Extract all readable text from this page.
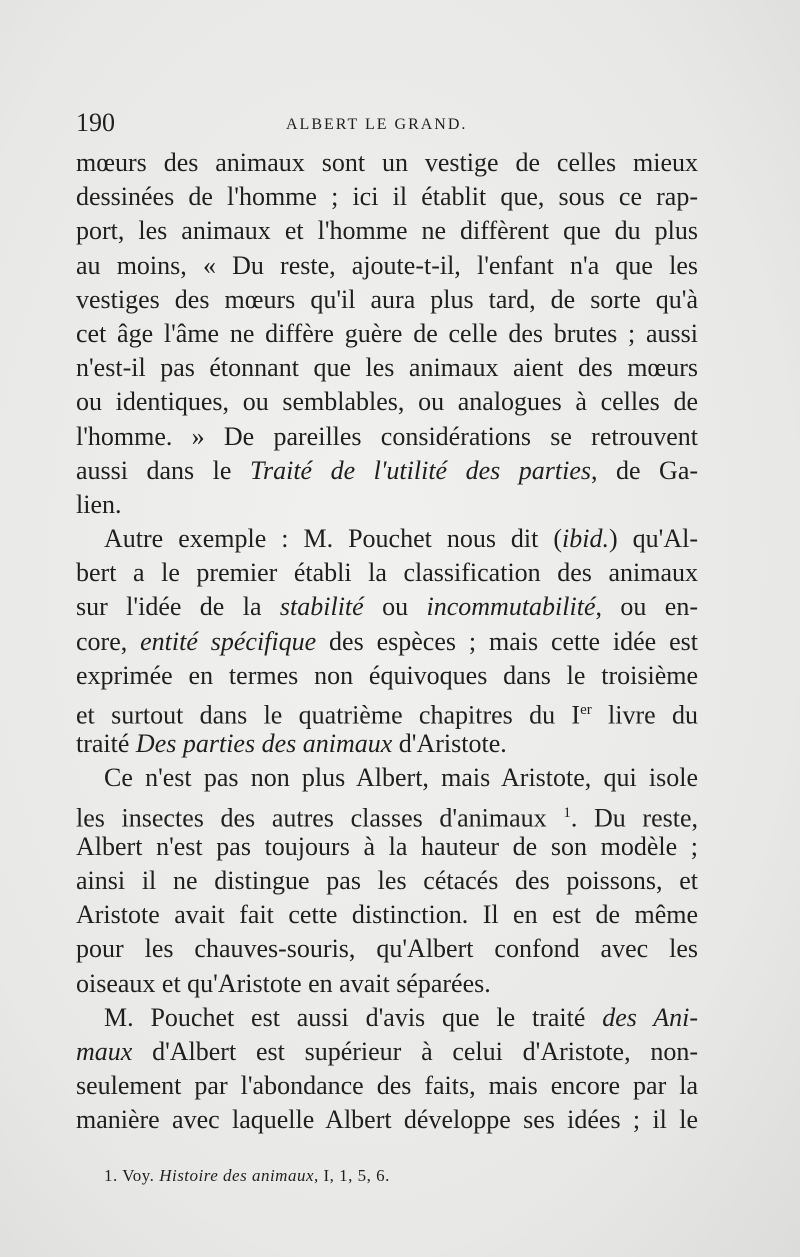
190	ALBERT LE GRAND.
mœurs des animaux sont un vestige de celles mieux
dessinées de l'homme ; ici il établit que, sous ce rap-
port, les animaux et l'homme ne diffèrent que du plus
au moins, « Du reste, ajoute-t-il, l'enfant n'a que les
vestiges des mœurs qu'il aura plus tard, de sorte qu'à
cet âge l'âme ne diffère guère de celle des brutes ; aussi
n'est-il pas étonnant que les animaux aient des mœurs
ou identiques, ou semblables, ou analogues à celles de
l'homme. » De pareilles considérations se retrouvent
aussi dans le Traité de l'utilité des parties, de Ga-
lien.
Autre exemple : M. Pouchet nous dit (ibid.) qu'Al-
bert a le premier établi la classification des animaux
sur l'idée de la stabilité ou incommutabilité, ou en-
core, entité spécifique des espèces ; mais cette idée est
exprimée en termes non équivoques dans le troisième
et surtout dans le quatrième chapitres du Ier livre du
traité Des parties des animaux d'Aristote.
Ce n'est pas non plus Albert, mais Aristote, qui isole
les insectes des autres classes d'animaux $^1$. Du reste,
Albert n'est pas toujours à la hauteur de son modèle ;
ainsi il ne distingue pas les cétacés des poissons, et
Aristote avait fait cette distinction. Il en est de même
pour les chauves-souris, qu'Albert confond avec les
oiseaux et qu'Aristote en avait séparées.
M. Pouchet est aussi d'avis que le traité des Ani-
maux d'Albert est supérieur à celui d'Aristote, non-
seulement par l'abondance des faits, mais encore par la
manière avec laquelle Albert développe ses idées ; il le
1. Voy. Histoire des animaux, I, 1, 5, 6.
